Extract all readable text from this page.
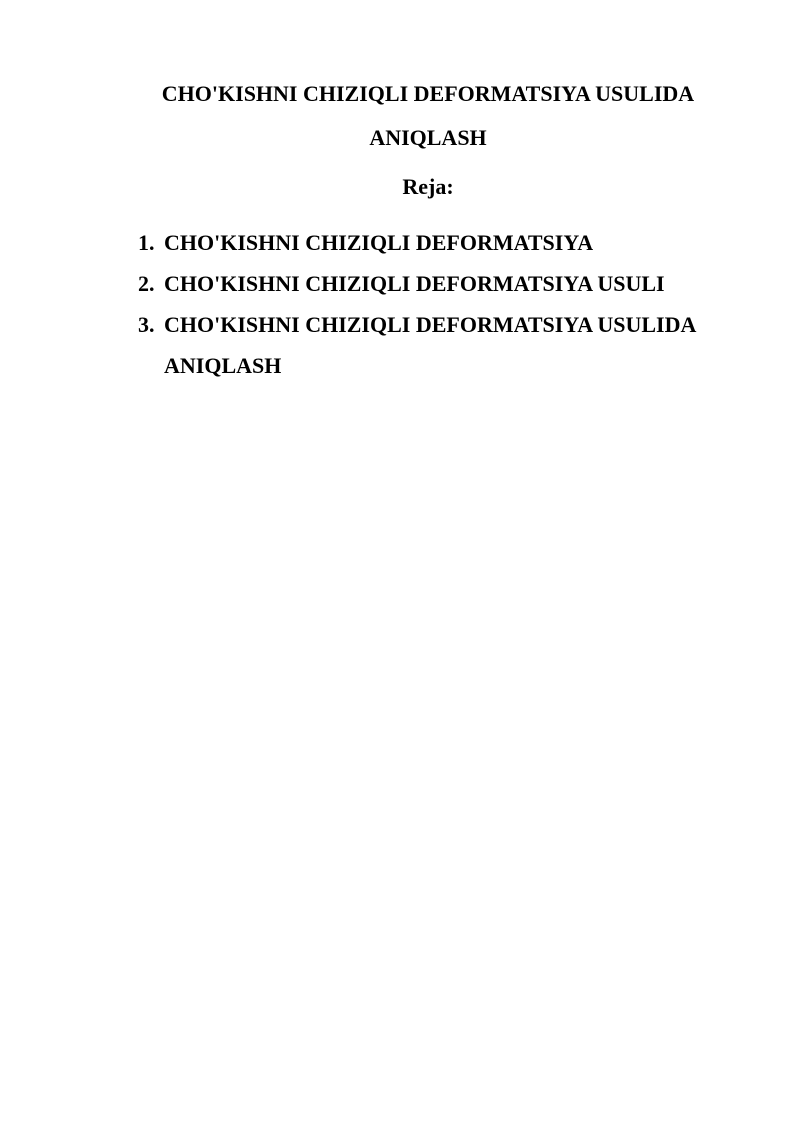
CHO'KISHNI CHIZIQLI DEFORMATSIYA USULIDA ANIQLASH
Reja:
1. CHO'KISHNI CHIZIQLI DEFORMATSIYA
2. CHO'KISHNI CHIZIQLI DEFORMATSIYA USULI
3. CHO'KISHNI CHIZIQLI DEFORMATSIYA USULIDA ANIQLASH
